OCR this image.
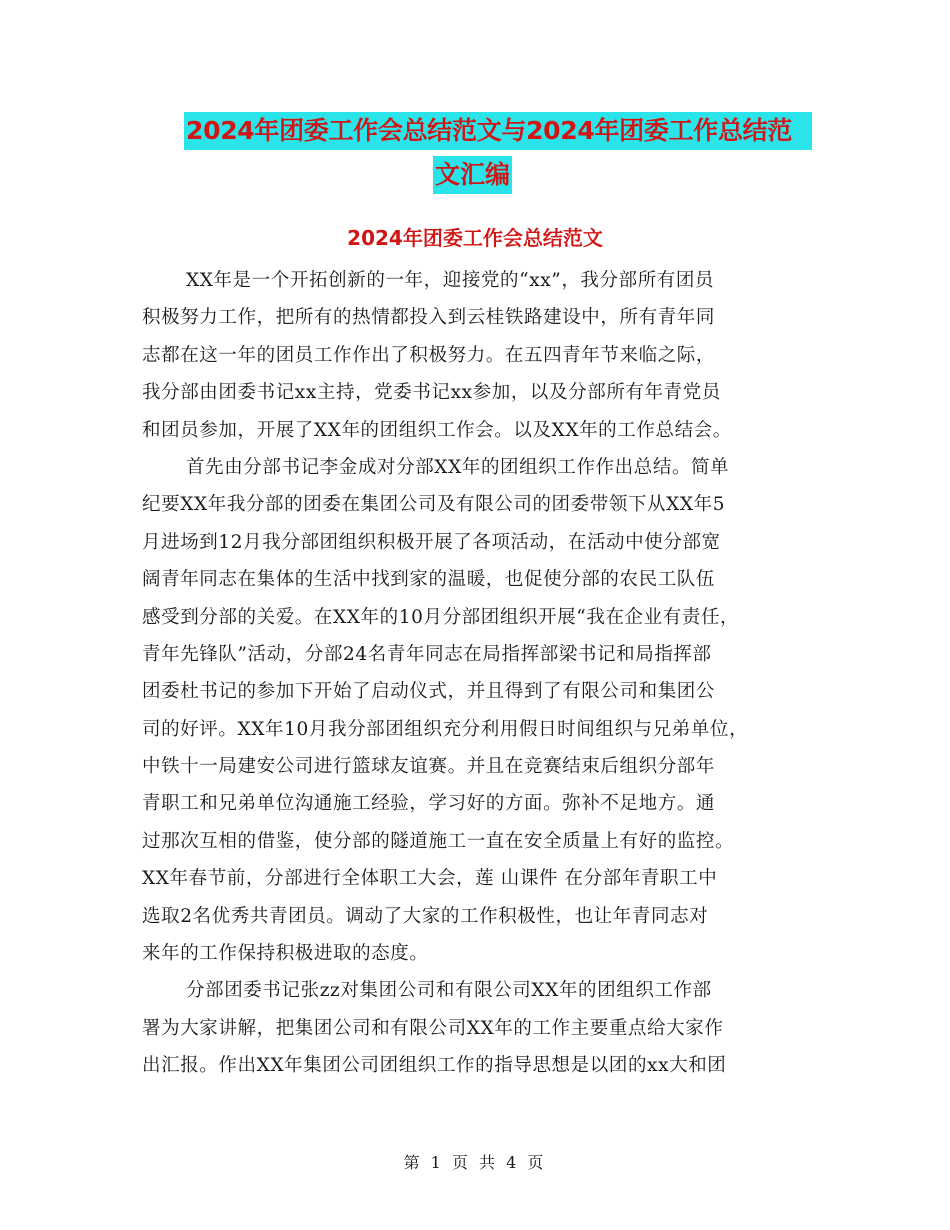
2024年团委工作会总结范文与2024年团委工作总结范
文汇编
2024年团委工作会总结范文
XX年是一个开拓创新的一年，迎接党的“xx”，我分部所有团员
积极努力工作，把所有的热情都投入到云桂铁路建设中，所有青年同
志都在这一年的团员工作作出了积极努力。在五四青年节来临之际，
我分部由团委书记xx主持，党委书记xx参加，以及分部所有年青党员
和团员参加，开展了XX年的团组织工作会。以及XX年的工作总结会。
首先由分部书记李金成对分部XX年的团组织工作作出总结。简单
纪要XX年我分部的团委在集团公司及有限公司的团委带领下从XX年5
月进场到12月我分部团组织积极开展了各项活动，在活动中使分部宽
阔青年同志在集体的生活中找到家的温暖，也促使分部的农民工队伍
感受到分部的关爱。在XX年的10月分部团组织开展“我在企业有责任，
青年先锋队”活动，分部24名青年同志在局指挥部梁书记和局指挥部
团委杜书记的参加下开始了启动仪式，并且得到了有限公司和集团公
司的好评。XX年10月我分部团组织充分利用假日时间组织与兄弟单位，
中铁十一局建安公司进行篮球友谊赛。并且在竞赛结束后组织分部年
青职工和兄弟单位沟通施工经验，学习好的方面。弥补不足地方。通
过那次互相的借鉴，使分部的隧道施工一直在安全质量上有好的监控。
XX年春节前，分部进行全体职工大会，莲 山课件 在分部年青职工中
选取2名优秀共青团员。调动了大家的工作积极性，也让年青同志对
来年的工作保持积极进取的态度。
分部团委书记张zz对集团公司和有限公司XX年的团组织工作部
署为大家讲解，把集团公司和有限公司XX年的工作主要重点给大家作
出汇报。作出XX年集团公司团组织工作的指导思想是以团的xx大和团
第 1 页 共 4 页
